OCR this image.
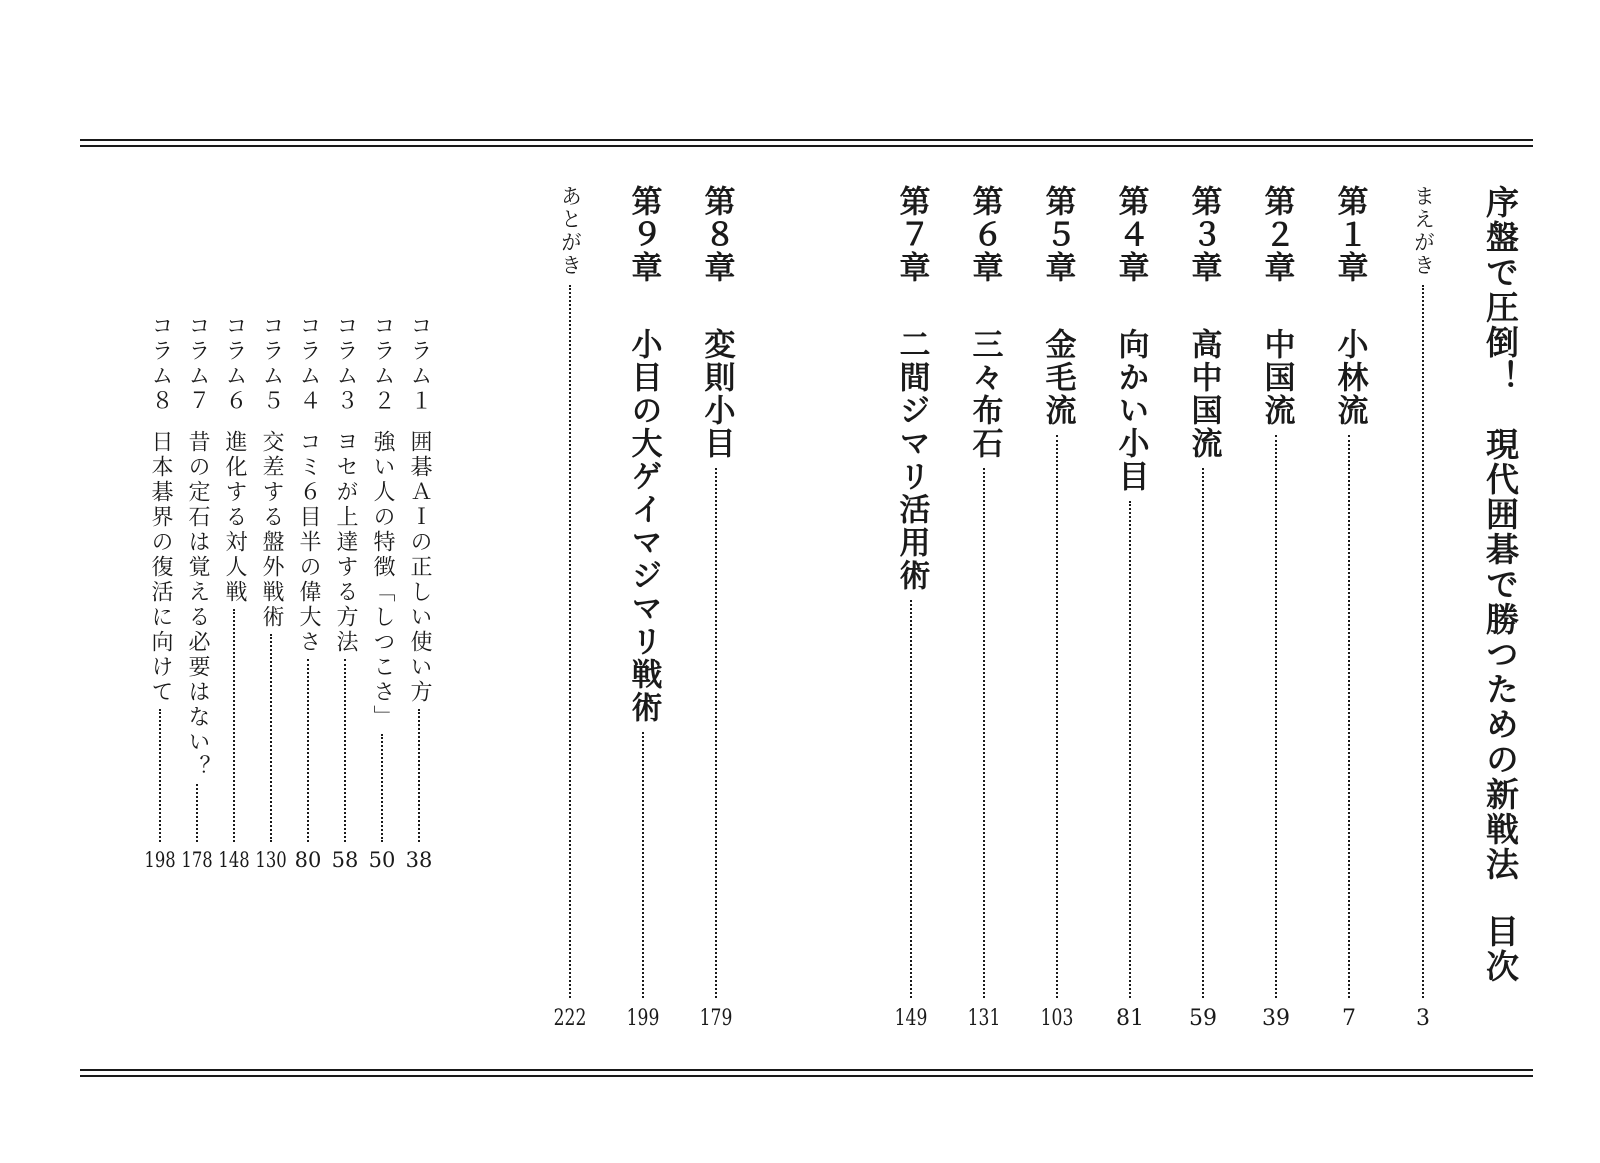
序盤で圧倒！現代囲碁で勝つための新戦法目次
まえがき
3
第１章
小林流
7
第２章
中国流
39
第３章
高中国流
59
第４章
向かい小目
81
第５章
金毛流
103
第６章
三々布石
131
第７章
二間ジマリ活用術
149
第８章
変則小目
179
第９章
小目の大ゲイマジマリ戦術
199
あとがき
222
コラム１囲碁ＡＩの正しい使い方
38
コラム２強い人の特徴「しつこさ」
50
コラム３ヨセが上達する方法
58
コラム４コミ６目半の偉大さ
80
コラム５交差する盤外戦術
130
コラム６進化する対人戦
148
コラム７昔の定石は覚える必要はない？
178
コラム８日本碁界の復活に向けて
198
